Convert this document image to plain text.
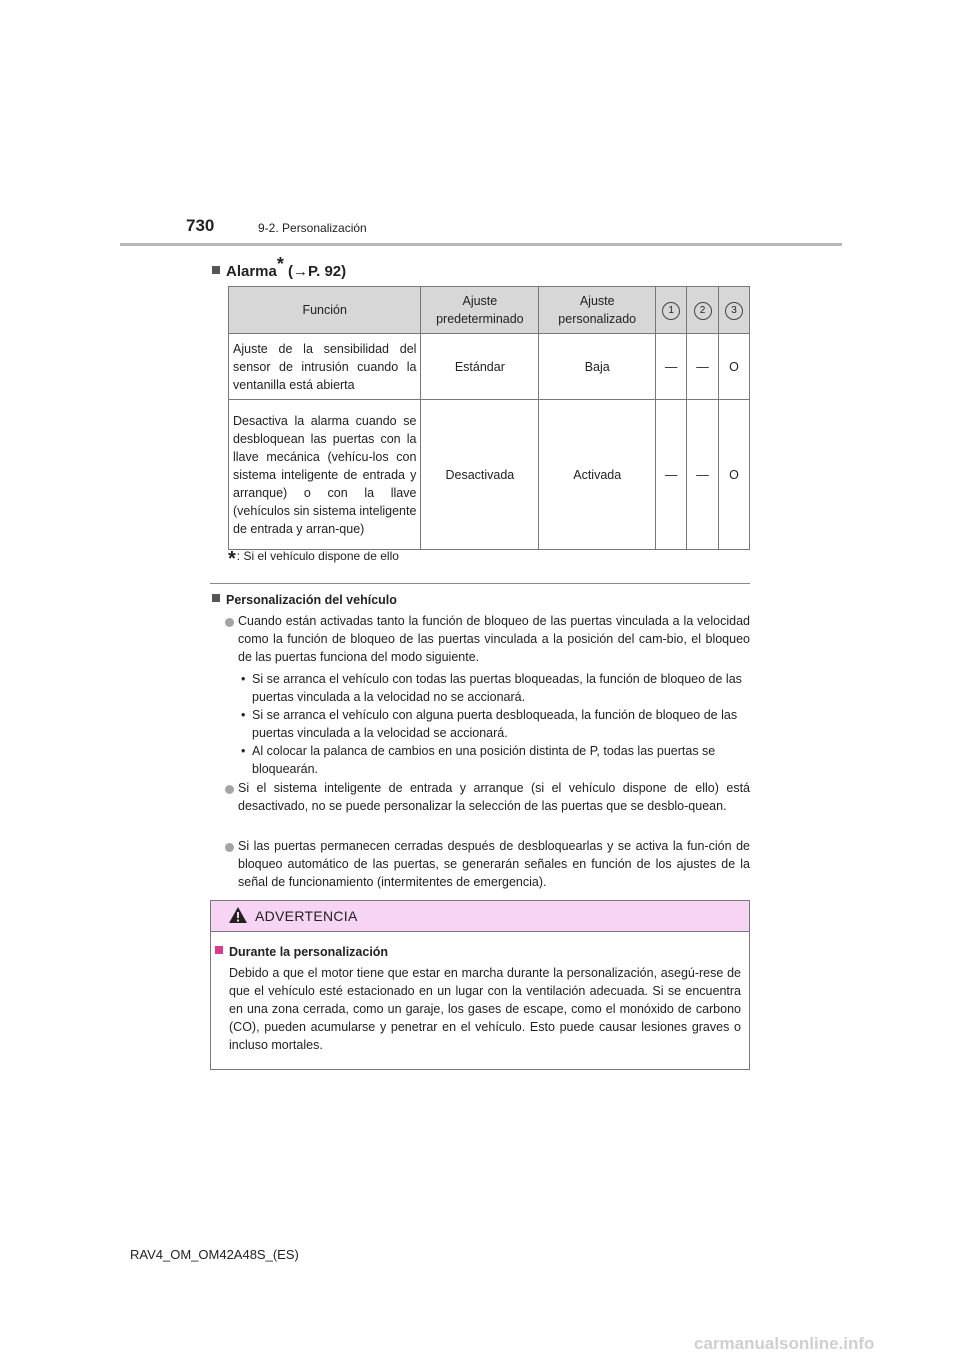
730	9-2. Personalización
Alarma* (→P. 92)
Función	Ajuste predeterminado	Ajuste personalizado	1	2	3
Ajuste de la sensibilidad del sensor de intrusión cuando la ventanilla está abierta	Estándar	Baja	—	—	O
Desactiva la alarma cuando se desbloquean las puertas con la llave mecánica (vehícu-los con sistema inteligente de entrada y arranque) o con la llave (vehículos sin sistema inteligente de entrada y arran-que)	Desactivada	Activada	—	—	O
*: Si el vehículo dispone de ello
Personalización del vehículo
Cuando están activadas tanto la función de bloqueo de las puertas vinculada a la velocidad como la función de bloqueo de las puertas vinculada a la posición del cam-bio, el bloqueo de las puertas funciona del modo siguiente.
• Si se arranca el vehículo con todas las puertas bloqueadas, la función de bloqueo de las puertas vinculada a la velocidad no se accionará.
• Si se arranca el vehículo con alguna puerta desbloqueada, la función de bloqueo de las puertas vinculada a la velocidad se accionará.
• Al colocar la palanca de cambios en una posición distinta de P, todas las puertas se bloquearán.
Si el sistema inteligente de entrada y arranque (si el vehículo dispone de ello) está desactivado, no se puede personalizar la selección de las puertas que se desblo-quean.
Si las puertas permanecen cerradas después de desbloquearlas y se activa la fun-ción de bloqueo automático de las puertas, se generarán señales en función de los ajustes de la señal de funcionamiento (intermitentes de emergencia).
ADVERTENCIA
Durante la personalización
Debido a que el motor tiene que estar en marcha durante la personalización, asegú-rese de que el vehículo esté estacionado en un lugar con la ventilación adecuada. Si se encuentra en una zona cerrada, como un garaje, los gases de escape, como el monóxido de carbono (CO), pueden acumularse y penetrar en el vehículo. Esto puede causar lesiones graves o incluso mortales.
RAV4_OM_OM42A48S_(ES)
carmanualsonline.info
